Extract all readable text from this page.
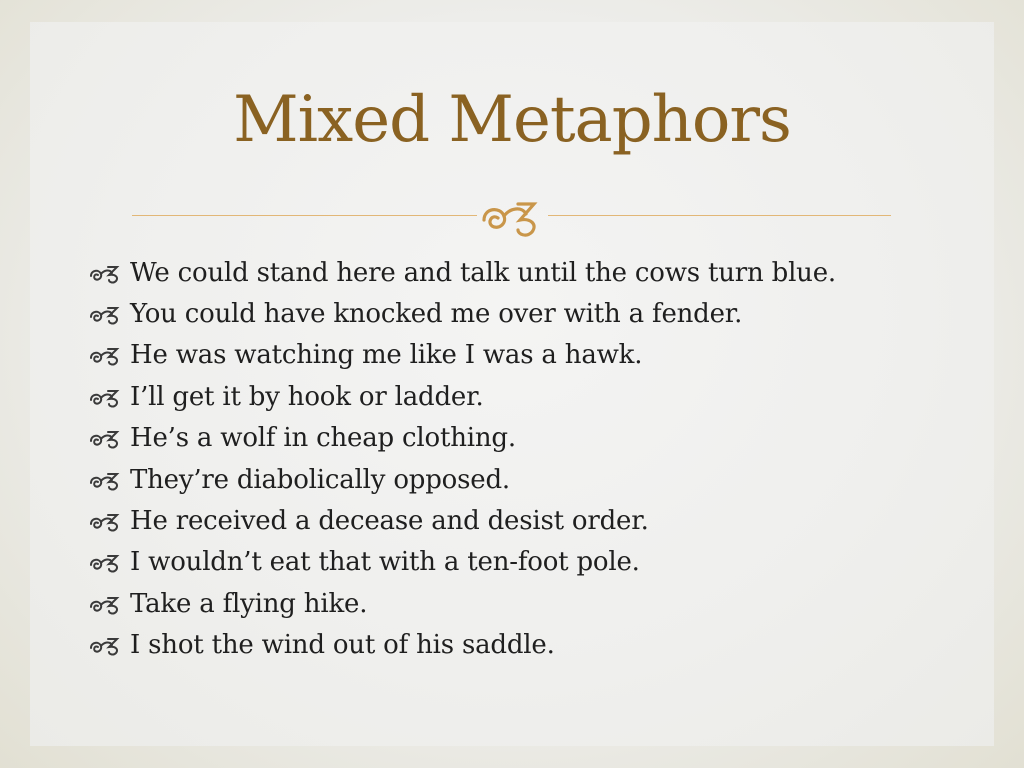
Mixed Metaphors
We could stand here and talk until the cows turn blue.
You could have knocked me over with a fender.
He was watching me like I was a hawk.
I’ll get it by hook or ladder.
He’s a wolf in cheap clothing.
They’re diabolically opposed.
He received a decease and desist order.
I wouldn’t eat that with a ten-foot pole.
Take a flying hike.
I shot the wind out of his saddle.
